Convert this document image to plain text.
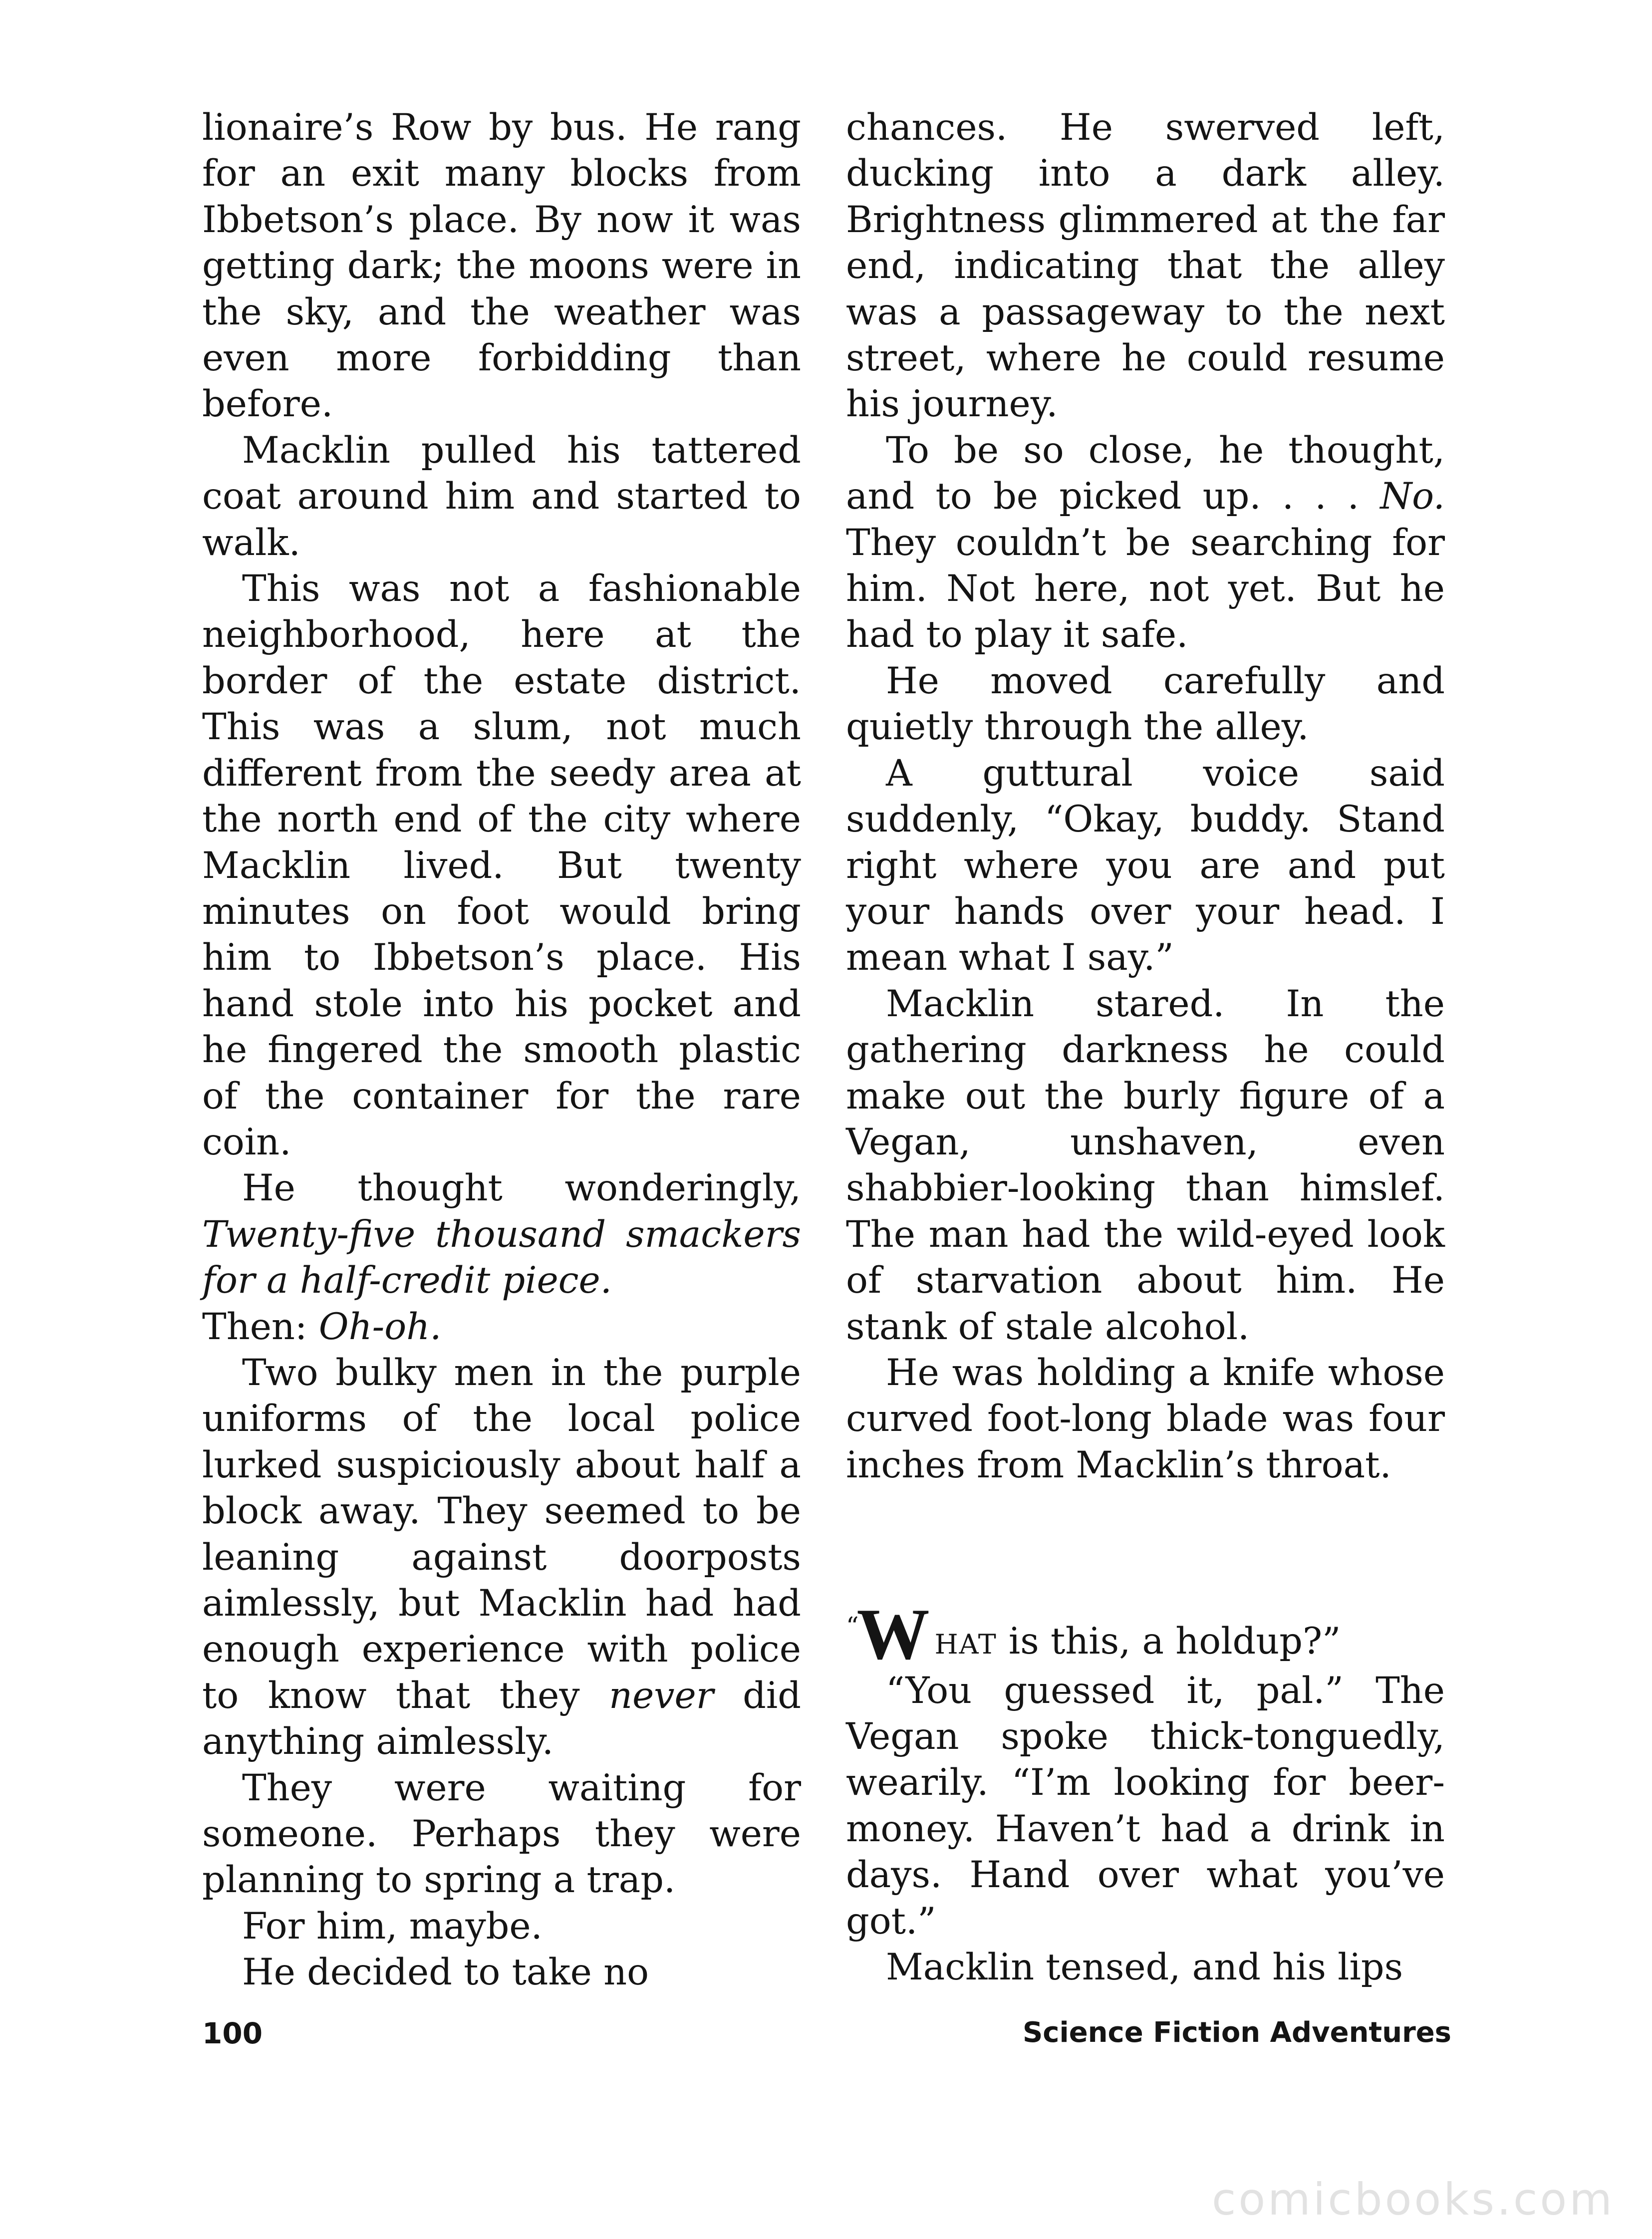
lionaire’s Row by bus. He rang for an exit many blocks from Ibbetson’s place. By now it was getting dark; the moons were in the sky, and the weather was even more forbidding than before.

Macklin pulled his tattered coat around him and started to walk.

This was not a fashionable neighborhood, here at the border of the estate district. This was a slum, not much different from the seedy area at the north end of the city where Macklin lived. But twenty minutes on foot would bring him to Ibbetson’s place. His hand stole into his pocket and he fingered the smooth plastic of the container for the rare coin.

He thought wonderingly, Twenty-five thousand smackers for a half-credit piece.

Then: Oh-oh.

Two bulky men in the purple uniforms of the local police lurked suspiciously about half a block away. They seemed to be leaning against doorposts aimlessly, but Macklin had had enough experience with police to know that they never did anything aimlessly.

They were waiting for someone. Perhaps they were planning to spring a trap.

For him, maybe.

He decided to take no

chances. He swerved left, ducking into a dark alley. Brightness glimmered at the far end, indicating that the alley was a passageway to the next street, where he could resume his journey.

To be so close, he thought, and to be picked up. . . . No. They couldn’t be searching for him. Not here, not yet. But he had to play it safe.

He moved carefully and quietly through the alley.

A guttural voice said suddenly, “Okay, buddy. Stand right where you are and put your hands over your head. I mean what I say.”

Macklin stared. In the gathering darkness he could make out the burly figure of a Vegan, unshaven, even shabbier-looking than himslef. The man had the wild-eyed look of starvation about him. He stank of stale alcohol.

He was holding a knife whose curved foot-long blade was four inches from Macklin’s throat.

“W HAT is this, a holdup?”

“You guessed it, pal.” The Vegan spoke thick-tonguedly, wearily. “I’m looking for beer-money. Haven’t had a drink in days. Hand over what you’ve got.”

Macklin tensed, and his lips

100	Science Fiction Adventures
comicbooks.com
